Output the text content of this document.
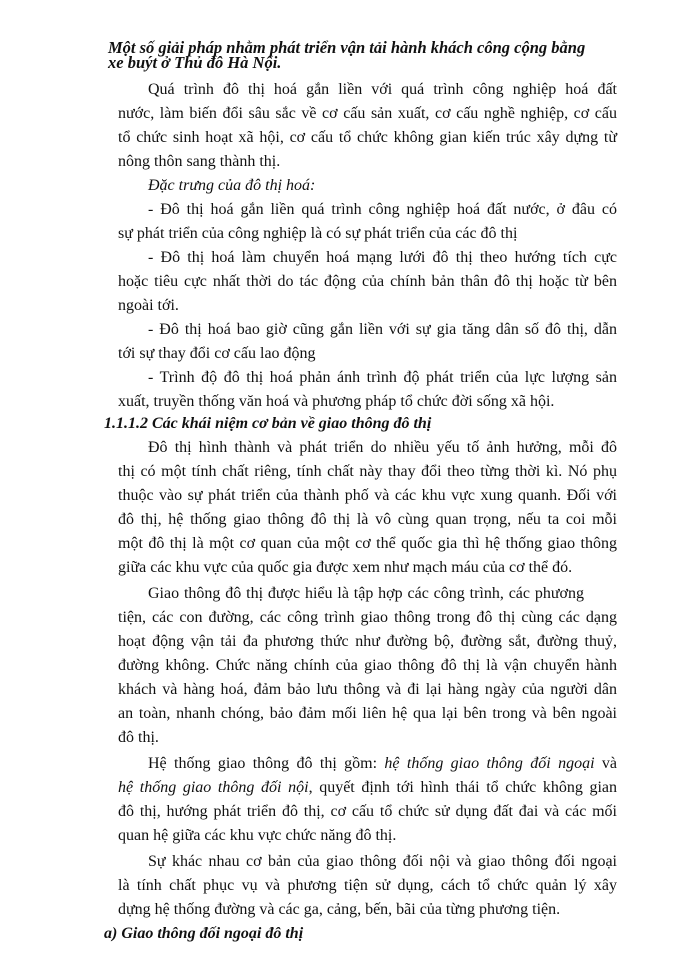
Một số giải pháp nhằm phát triển vận tải hành khách công cộng bằng
xe buýt ở Thủ đô Hà Nội.
Quá trình đô thị hoá gắn liền với quá trình công nghiệp hoá đất
nước, làm biến đổi sâu sắc về cơ cấu sản xuất, cơ cấu nghề nghiệp, cơ cấu
tổ chức sinh hoạt xã hội, cơ cấu tổ chức không gian kiến trúc xây dựng từ
nông thôn sang thành thị.
Đặc trưng của đô thị hoá:
- Đô thị hoá gắn liền quá trình công nghiệp hoá đất nước, ở đâu có
sự phát triển của công nghiệp là có sự phát triển của các đô thị
- Đô thị hoá làm chuyển hoá mạng lưới đô thị theo hướng tích cực
hoặc tiêu cực nhất thời do tác động của chính bản thân đô thị hoặc từ bên
ngoài tới.
- Đô thị hoá bao giờ cũng gắn liền với sự gia tăng dân số đô thị, dẫn
tới sự thay đổi cơ cấu lao động
- Trình độ đô thị hoá phản ánh trình độ phát triển của lực lượng sản
xuất, truyền thống văn hoá và phương pháp tổ chức đời sống xã hội.
1.1.1.2 Các khái niệm cơ bản về giao thông đô thị
Đô thị hình thành và phát triển do nhiều yếu tố ảnh hưởng, mỗi đô
thị có một tính chất riêng, tính chất này thay đổi theo từng thời kì. Nó phụ
thuộc vào sự phát triển của thành phố và các khu vực xung quanh. Đối với
đô thị, hệ thống giao thông đô thị là vô cùng quan trọng, nếu ta coi mỗi
một đô thị là một cơ quan của một cơ thể quốc gia thì hệ thống giao thông
giữa các khu vực của quốc gia được xem như mạch máu của cơ thể đó.
Giao thông đô thị được hiểu là tập hợp các công trình, các phương
tiện, các con đường, các công trình giao thông trong đô thị cùng các dạng
hoạt động vận tải đa phương thức như đường bộ, đường sắt, đường thuỷ,
đường không. Chức năng chính của giao thông đô thị là vận chuyển hành
khách và hàng hoá, đảm bảo lưu thông và đi lại hàng ngày của người dân
an toàn, nhanh chóng, bảo đảm mối liên hệ qua lại bên trong và bên ngoài
đô thị.
Hệ thống giao thông đô thị gồm: hệ thống giao thông đối ngoại và
hệ thống giao thông đối nội, quyết định tới hình thái tổ chức không gian
đô thị, hướng phát triển đô thị, cơ cấu tổ chức sử dụng đất đai và các mối
quan hệ giữa các khu vực chức năng đô thị.
Sự khác nhau cơ bản của giao thông đối nội và giao thông đối ngoại
là tính chất phục vụ và phương tiện sử dụng, cách tổ chức quản lý xây
dựng hệ thống đường và các ga, cảng, bến, bãi của từng phương tiện.
a) Giao thông đối ngoại đô thị
